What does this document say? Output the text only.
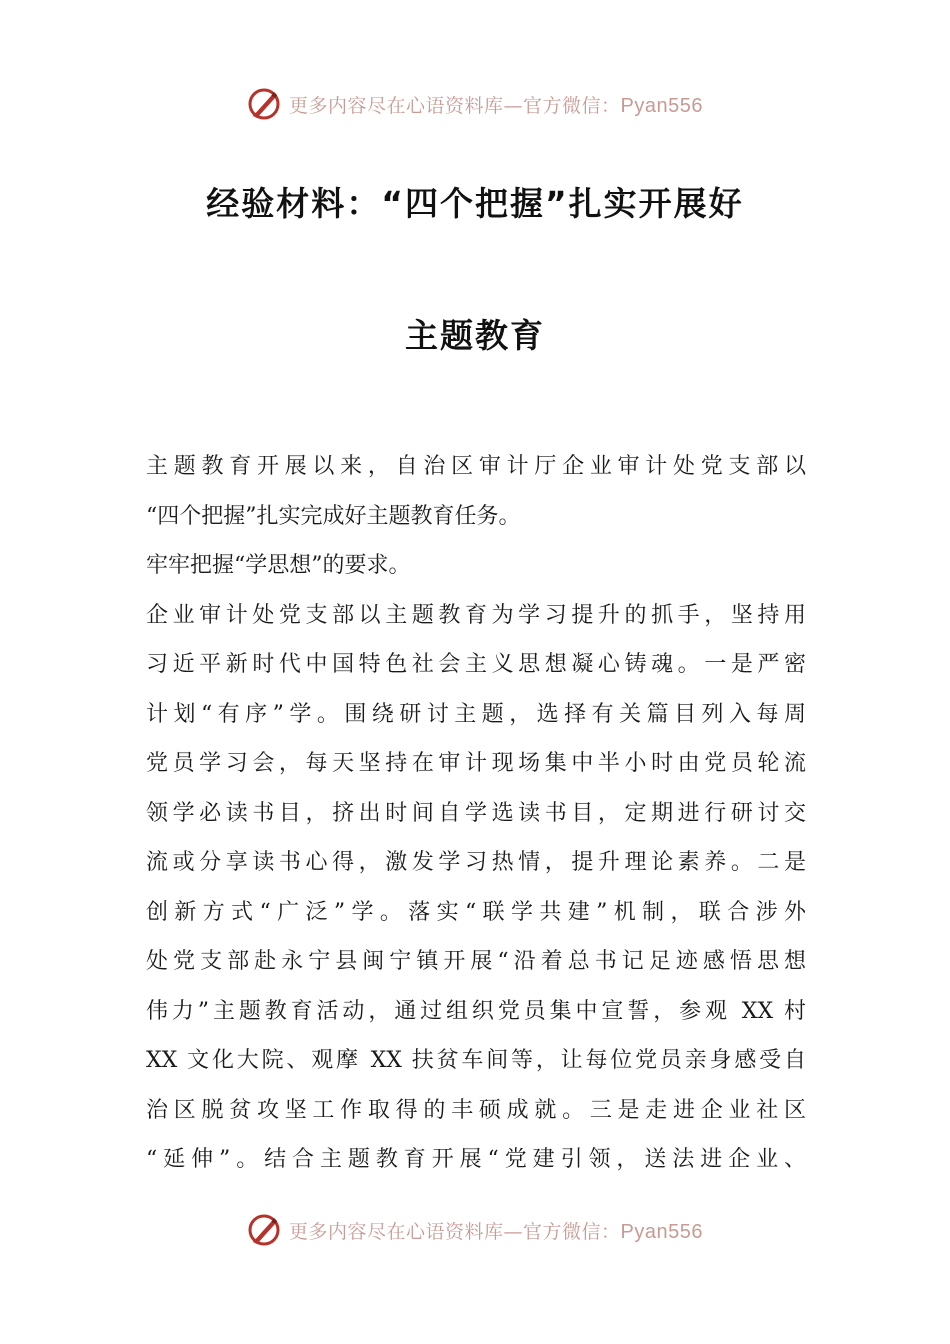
更多内容尽在心语资料库—官方微信：Pyan556
经验材料：“四个把握”扎实开展好
主题教育
主题教育开展以来，自治区审计厅企业审计处党支部以
“四个把握”扎实完成好主题教育任务。
牢牢把握“学思想”的要求。
企业审计处党支部以主题教育为学习提升的抓手，坚持用
习近平新时代中国特色社会主义思想凝心铸魂。一是严密
计划“有序”学。围绕研讨主题，选择有关篇目列入每周
党员学习会，每天坚持在审计现场集中半小时由党员轮流
领学必读书目，挤出时间自学选读书目，定期进行研讨交
流或分享读书心得，激发学习热情，提升理论素养。二是
创新方式“广泛”学。落实“联学共建”机制，联合涉外
处党支部赴永宁县闽宁镇开展“沿着总书记足迹感悟思想
伟力”主题教育活动，通过组织党员集中宣誓，参观 XX 村
XX 文化大院、观摩 XX 扶贫车间等，让每位党员亲身感受自
治区脱贫攻坚工作取得的丰硕成就。三是走进企业社区
“延伸”。结合主题教育开展“党建引领，送法进企业、
更多内容尽在心语资料库—官方微信：Pyan556
